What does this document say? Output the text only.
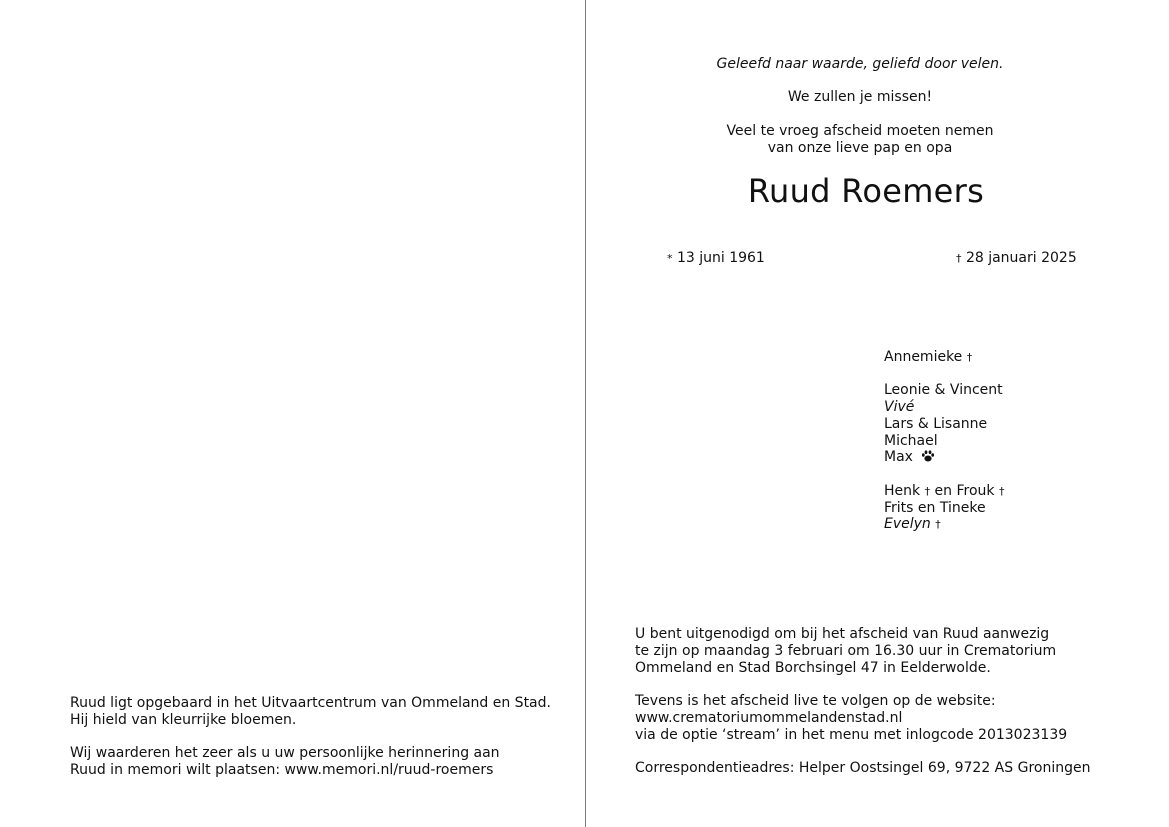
Ruud ligt opgebaard in het Uitvaartcentrum van Ommeland en Stad.
Hij hield van kleurrijke bloemen.
Wij waarderen het zeer als u uw persoonlijke herinnering aan
Ruud in memori wilt plaatsen: www.memori.nl/ruud-roemers
Geleefd naar waarde, geliefd door velen.
We zullen je missen!
Veel te vroeg afscheid moeten nemen
van onze lieve pap en opa
Ruud Roemers
* 13 juni 1961	† 28 januari 2025
Annemieke †
Leonie & Vincent
Vivé
Lars & Lisanne
Michael
Max
Henk † en Frouk †
Frits en Tineke
Evelyn †
U bent uitgenodigd om bij het afscheid van Ruud aanwezig
te zijn op maandag 3 februari om 16.30 uur in Crematorium
Ommeland en Stad Borchsingel 47 in Eelderwolde.
Tevens is het afscheid live te volgen op de website:
www.crematoriumommelandenstad.nl
via de optie ‘stream’ in het menu met inlogcode 2013023139
Correspondentieadres: Helper Oostsingel 69, 9722 AS Groningen
